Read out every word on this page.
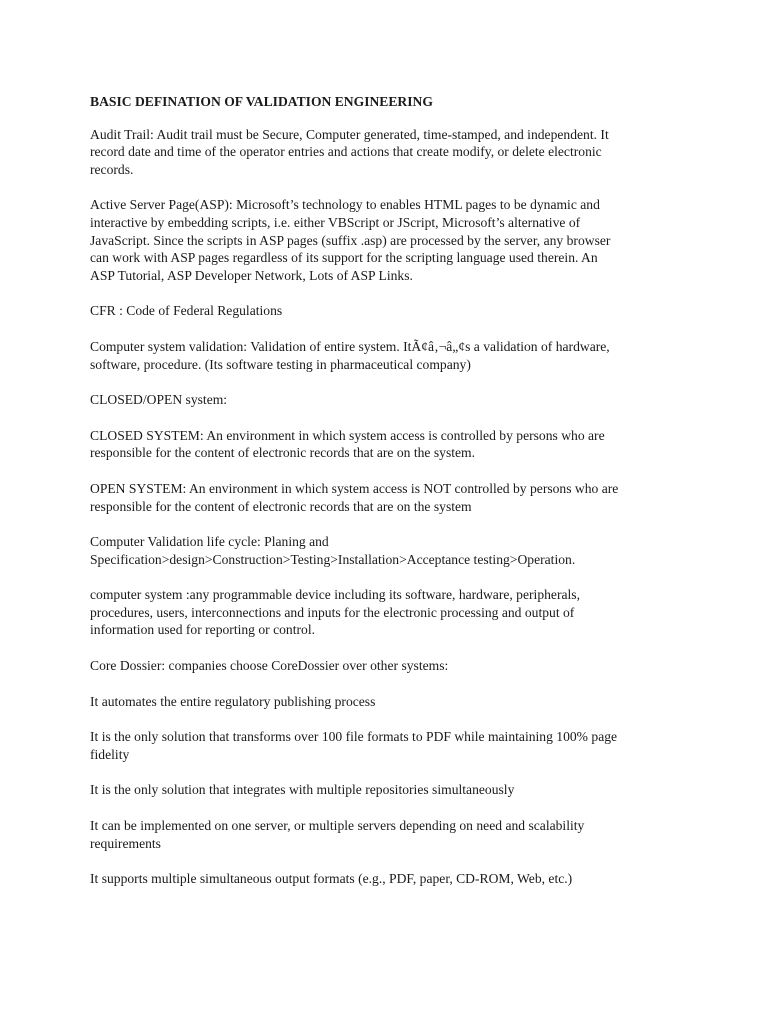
BASIC DEFINATION OF VALIDATION ENGINEERING

Audit Trail: Audit trail must be Secure, Computer generated, time-stamped, and independent. It
record date and time of the operator entries and actions that create modify, or delete electronic
records.

Active Server Page(ASP): Microsoft’s technology to enables HTML pages to be dynamic and
interactive by embedding scripts, i.e. either VBScript or JScript, Microsoft’s alternative of
JavaScript. Since the scripts in ASP pages (suffix .asp) are processed by the server, any browser
can work with ASP pages regardless of its support for the scripting language used therein. An
ASP Tutorial, ASP Developer Network, Lots of ASP Links.

CFR : Code of Federal Regulations

Computer system validation: Validation of entire system. ItÃ¢â‚¬â„¢s a validation of hardware,
software, procedure. (Its software testing in pharmaceutical company)

CLOSED/OPEN system:

CLOSED SYSTEM: An environment in which system access is controlled by persons who are
responsible for the content of electronic records that are on the system.

OPEN SYSTEM: An environment in which system access is NOT controlled by persons who are
responsible for the content of electronic records that are on the system

Computer Validation life cycle: Planing and
Specification>design>Construction>Testing>Installation>Acceptance testing>Operation.

computer system :any programmable device including its software, hardware, peripherals,
procedures, users, interconnections and inputs for the electronic processing and output of
information used for reporting or control.

Core Dossier: companies choose CoreDossier over other systems:

It automates the entire regulatory publishing process

It is the only solution that transforms over 100 file formats to PDF while maintaining 100% page
fidelity

It is the only solution that integrates with multiple repositories simultaneously

It can be implemented on one server, or multiple servers depending on need and scalability
requirements

It supports multiple simultaneous output formats (e.g., PDF, paper, CD-ROM, Web, etc.)
